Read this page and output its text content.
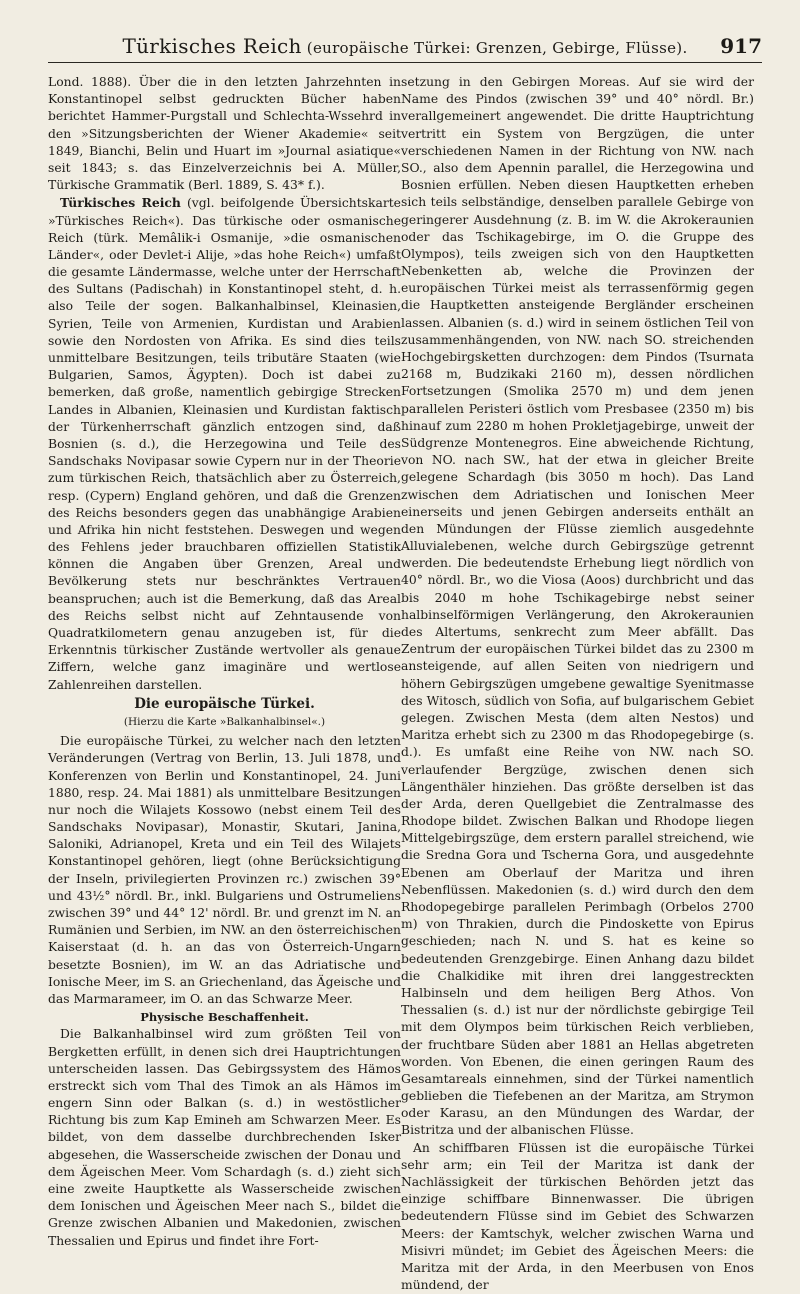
Türkisches Reich (europäische Türkei: Grenzen, Gebirge, Flüsse).	917

Lond. 1888). Über die in den letzten Jahrzehnten in Konstantinopel selbst gedruckten Bücher haben berichtet Hammer-Purgstall und Schlechta-Wssehrd in den »Sitzungsberichten der Wiener Akademie« seit 1849, Bianchi, Belin und Huart im »Journal asiatique« seit 1843; s. das Einzelverzeichnis bei A. Müller, Türkische Grammatik (Berl. 1889, S. 43* f.).

Türkisches Reich (vgl. beifolgende Übersichtskarte »Türkisches Reich«). Das türkische oder osmanische Reich (türk. Memâlik-i Osmanije, »die osmanischen Länder«, oder Devlet-i Alije, »das hohe Reich«) umfaßt die gesamte Ländermasse, welche unter der Herrschaft des Sultans (Padischah) in Konstantinopel steht, d. h. also Teile der sogen. Balkanhalbinsel, Kleinasien, Syrien, Teile von Armenien, Kurdistan und Arabien sowie den Nordosten von Afrika. Es sind dies teils unmittelbare Besitzungen, teils tributäre Staaten (wie Bulgarien, Samos, Ägypten). Doch ist dabei zu bemerken, daß große, namentlich gebirgige Strecken Landes in Albanien, Kleinasien und Kurdistan faktisch der Türkenherrschaft gänzlich entzogen sind, daß Bosnien (s. d.), die Herzegowina und Teile des Sandschaks Novipasar sowie Cypern nur in der Theorie zum türkischen Reich, thatsächlich aber zu Österreich, resp. (Cypern) England gehören, und daß die Grenzen des Reichs besonders gegen das unabhängige Arabien und Afrika hin nicht feststehen. Deswegen und wegen des Fehlens jeder brauchbaren offiziellen Statistik können die Angaben über Grenzen, Areal und Bevölkerung stets nur beschränktes Vertrauen beanspruchen; auch ist die Bemerkung, daß das Areal des Reichs selbst nicht auf Zehntausende von Quadratkilometern genau anzugeben ist, für die Erkenntnis türkischer Zustände wertvoller als genaue Ziffern, welche ganz imaginäre und wertlose Zahlenreihen darstellen.

Die europäische Türkei.
(Hierzu die Karte »Balkanhalbinsel«.)

Die europäische Türkei, zu welcher nach den letzten Veränderungen (Vertrag von Berlin, 13. Juli 1878, und Konferenzen von Berlin und Konstantinopel, 24. Juni 1880, resp. 24. Mai 1881) als unmittelbare Besitzungen nur noch die Wilajets Kossowo (nebst einem Teil des Sandschaks Novipasar), Monastir, Skutari, Janina, Saloniki, Adrianopel, Kreta und ein Teil des Wilajets Konstantinopel gehören, liegt (ohne Berücksichtigung der Inseln, privilegierten Provinzen rc.) zwischen 39° und 43½° nördl. Br., inkl. Bulgariens und Ostrumeliens zwischen 39° und 44° 12' nördl. Br. und grenzt im N. an Rumänien und Serbien, im NW. an den österreichischen Kaiserstaat (d. h. an das von Österreich-Ungarn besetzte Bosnien), im W. an das Adriatische und Ionische Meer, im S. an Griechenland, das Ägeische und das Marmarameer, im O. an das Schwarze Meer.

Physische Beschaffenheit.

Die Balkanhalbinsel wird zum größten Teil von Bergketten erfüllt, in denen sich drei Hauptrichtungen unterscheiden lassen. Das Gebirgssystem des Hämos erstreckt sich vom Thal des Timok an als Hämos im engern Sinn oder Balkan (s. d.) in westöstlicher Richtung bis zum Kap Emineh am Schwarzen Meer. Es bildet, von dem dasselbe durchbrechenden Isker abgesehen, die Wasserscheide zwischen der Donau und dem Ägeischen Meer. Vom Schardagh (s. d.) zieht sich eine zweite Hauptkette als Wasserscheide zwischen dem Ionischen und Ägeischen Meer nach S., bildet die Grenze zwischen Albanien und Makedonien, zwischen Thessalien und Epirus und findet ihre Fort-

setzung in den Gebirgen Moreas. Auf sie wird der Name des Pindos (zwischen 39° und 40° nördl. Br.) verallgemeinert angewendet. Die dritte Hauptrichtung vertritt ein System von Bergzügen, die unter verschiedenen Namen in der Richtung von NW. nach SO., also dem Apennin parallel, die Herzegowina und Bosnien erfüllen. Neben diesen Hauptketten erheben sich teils selbständige, denselben parallele Gebirge von geringerer Ausdehnung (z. B. im W. die Akrokeraunien oder das Tschikagebirge, im O. die Gruppe des Olympos), teils zweigen sich von den Hauptketten Nebenketten ab, welche die Provinzen der europäischen Türkei meist als terrassenförmig gegen die Hauptketten ansteigende Bergländer erscheinen lassen. Albanien (s. d.) wird in seinem östlichen Teil von zusammenhängenden, von NW. nach SO. streichenden Hochgebirgsketten durchzogen: dem Pindos (Tsurnata 2168 m, Budzikaki 2160 m), dessen nördlichen Fortsetzungen (Smolika 2570 m) und dem jenen parallelen Peristeri östlich vom Presbasee (2350 m) bis hinauf zum 2280 m hohen Prokletjagebirge, unweit der Südgrenze Montenegros. Eine abweichende Richtung, von NO. nach SW., hat der etwa in gleicher Breite gelegene Schardagh (bis 3050 m hoch). Das Land zwischen dem Adriatischen und Ionischen Meer einerseits und jenen Gebirgen anderseits enthält an den Mündungen der Flüsse ziemlich ausgedehnte Alluvialebenen, welche durch Gebirgszüge getrennt werden. Die bedeutendste Erhebung liegt nördlich von 40° nördl. Br., wo die Viosa (Aoos) durchbricht und das bis 2040 m hohe Tschikagebirge nebst seiner halbinselförmigen Verlängerung, den Akrokeraunien des Altertums, senkrecht zum Meer abfällt. Das Zentrum der europäischen Türkei bildet das zu 2300 m ansteigende, auf allen Seiten von niedrigern und höhern Gebirgszügen umgebene gewaltige Syenitmasse des Witosch, südlich von Sofia, auf bulgarischem Gebiet gelegen. Zwischen Mesta (dem alten Nestos) und Maritza erhebt sich zu 2300 m das Rhodopegebirge (s. d.). Es umfaßt eine Reihe von NW. nach SO. verlaufender Bergzüge, zwischen denen sich Längenthäler hinziehen. Das größte derselben ist das der Arda, deren Quellgebiet die Zentralmasse des Rhodope bildet. Zwischen Balkan und Rhodope liegen Mittelgebirgszüge, dem erstern parallel streichend, wie die Sredna Gora und Tscherna Gora, und ausgedehnte Ebenen am Oberlauf der Maritza und ihren Nebenflüssen. Makedonien (s. d.) wird durch den dem Rhodopegebirge parallelen Perimbagh (Orbelos 2700 m) von Thrakien, durch die Pindoskette von Epirus geschieden; nach N. und S. hat es keine so bedeutenden Grenzgebirge. Einen Anhang dazu bildet die Chalkidike mit ihren drei langgestreckten Halbinseln und dem heiligen Berg Athos. Von Thessalien (s. d.) ist nur der nördlichste gebirgige Teil mit dem Olympos beim türkischen Reich verblieben, der fruchtbare Süden aber 1881 an Hellas abgetreten worden. Von Ebenen, die einen geringen Raum des Gesamtareals einnehmen, sind der Türkei namentlich geblieben die Tiefebenen an der Maritza, am Strymon oder Karasu, an den Mündungen des Wardar, der Bistritza und der albanischen Flüsse.

An schiffbaren Flüssen ist die europäische Türkei sehr arm; ein Teil der Maritza ist dank der Nachlässigkeit der türkischen Behörden jetzt das einzige schiffbare Binnenwasser. Die übrigen bedeutendern Flüsse sind im Gebiet des Schwarzen Meers: der Kamtschyk, welcher zwischen Warna und Misivri mündet; im Gebiet des Ägeischen Meers: die Maritza mit der Arda, in den Meerbusen von Enos mündend, der
